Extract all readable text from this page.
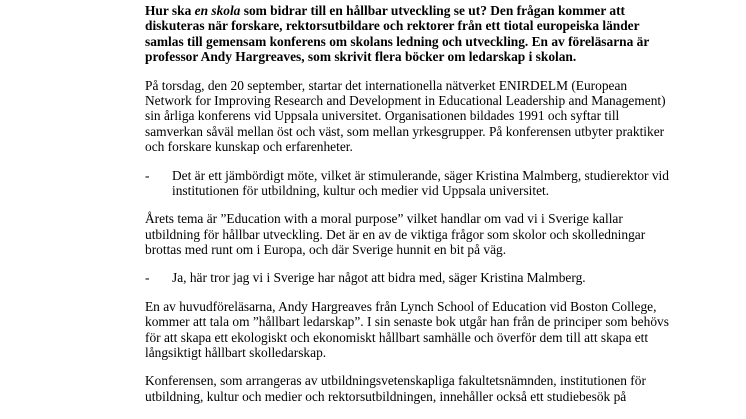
Hur ska en skola som bidrar till en hållbar utveckling se ut? Den frågan kommer att
diskuteras när forskare, rektorsutbildare och rektorer från ett tiotal europeiska länder
samlas till gemensam konferens om skolans ledning och utveckling. En av föreläsarna är
professor Andy Hargreaves, som skrivit flera böcker om ledarskap i skolan.
På torsdag, den 20 september, startar det internationella nätverket ENIRDELM (European
Network for Improving Research and Development in Educational Leadership and Management)
sin årliga konferens vid Uppsala universitet. Organisationen bildades 1991 och syftar till
samverkan såväl mellan öst och väst, som mellan yrkesgrupper. På konferensen utbyter praktiker
och forskare kunskap och erfarenheter.
- Det är ett jämbördigt möte, vilket är stimulerande, säger Kristina Malmberg, studierektor vid
institutionen för utbildning, kultur och medier vid Uppsala universitet.
Årets tema är ”Education with a moral purpose” vilket handlar om vad vi i Sverige kallar
utbildning för hållbar utveckling. Det är en av de viktiga frågor som skolor och skolledningar
brottas med runt om i Europa, och där Sverige hunnit en bit på väg.
- Ja, här tror jag vi i Sverige har något att bidra med, säger Kristina Malmberg.
En av huvudföreläsarna, Andy Hargreaves från Lynch School of Education vid Boston College,
kommer att tala om ”hållbart ledarskap”. I sin senaste bok utgår han från de principer som behövs
för att skapa ett ekologiskt och ekonomiskt hållbart samhälle och överför dem till att skapa ett
långsiktigt hållbart skolledarskap.
Konferensen, som arrangeras av utbildningsvetenskapliga fakultetsnämnden, institutionen för
utbildning, kultur och medier och rektorsutbildningen, innehåller också ett studiebesök på
